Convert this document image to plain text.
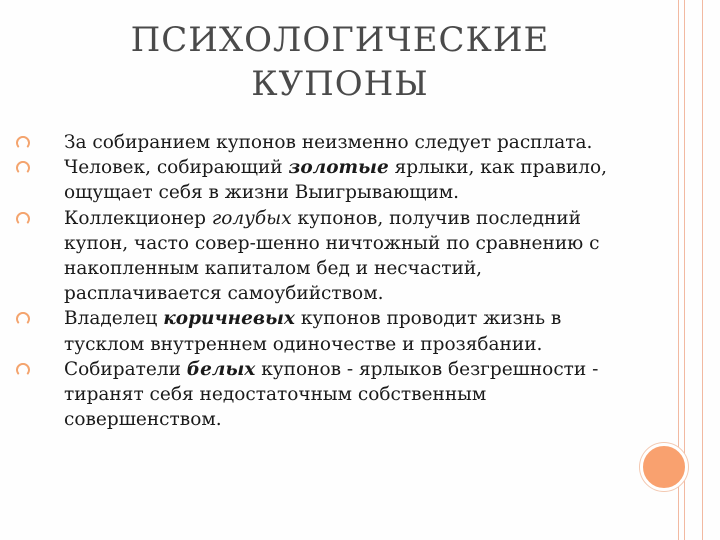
ПСИХОЛОГИЧЕСКИЕ
КУПОНЫ
За собиранием купонов неизменно следует расплата.
Человек, собирающий золотые ярлыки, как правило, ощущает себя в жизни Выигрывающим.
Коллекционер голубых купонов, получив последний купон, часто совер-шенно ничтожный по сравнению с накопленным капиталом бед и несчастий, расплачивается самоубийством.
Владелец коричневых купонов проводит жизнь в тусклом внутреннем одиночестве и прозябании.
Собиратели белых купонов - ярлыков безгрешности - тиранят себя недостаточным собственным совершенством.
